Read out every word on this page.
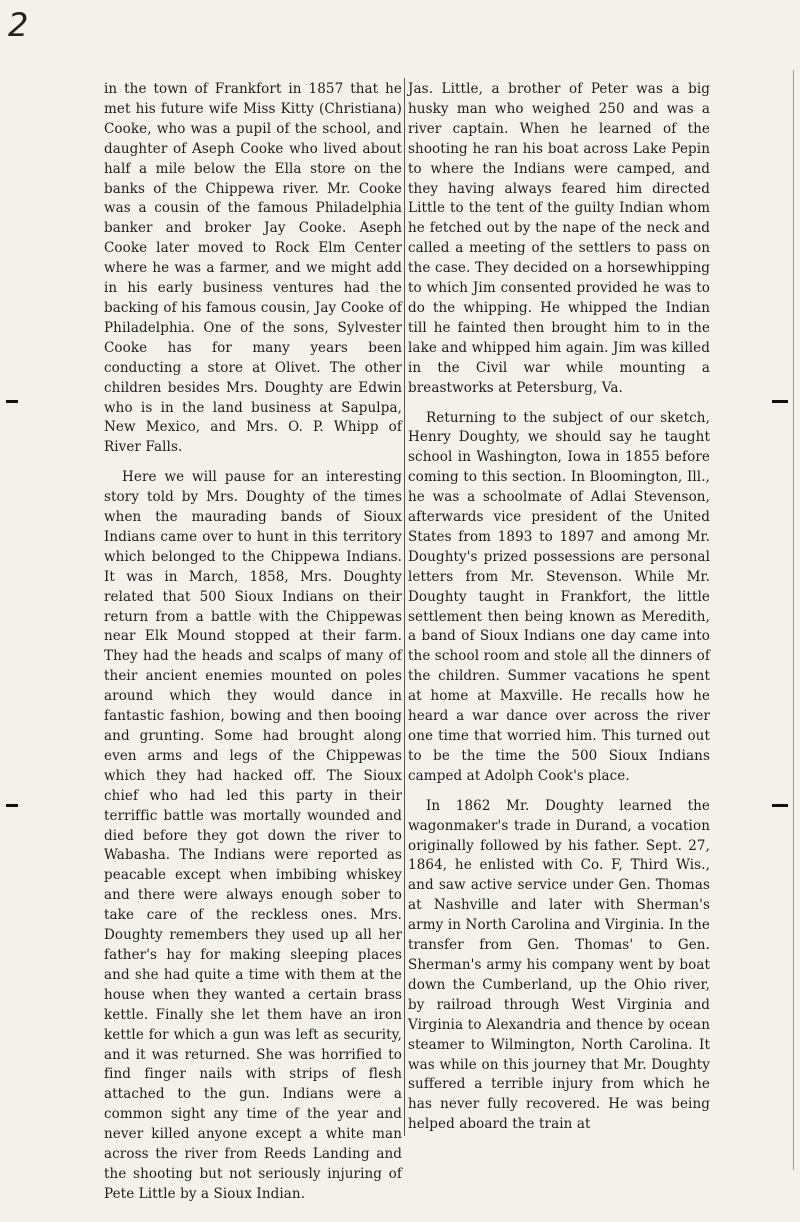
2

in the town of Frankfort in 1857 that he met his future wife Miss Kitty (Christiana) Cooke, who was a pupil of the school, and daughter of Aseph Cooke who lived about half a mile below the Ella store on the banks of the Chippewa river. Mr. Cooke was a cousin of the famous Philadelphia banker and broker Jay Cooke. Aseph Cooke later moved to Rock Elm Center where he was a farmer, and we might add in his early business ventures had the backing of his famous cousin, Jay Cooke of Philadelphia. One of the sons, Sylvester Cooke has for many years been conducting a store at Olivet. The other children besides Mrs. Doughty are Edwin who is in the land business at Sapulpa, New Mexico, and Mrs. O. P. Whipp of River Falls.

Here we will pause for an interesting story told by Mrs. Doughty of the times when the maurading bands of Sioux Indians came over to hunt in this territory which belonged to the Chippewa Indians. It was in March, 1858, Mrs. Doughty related that 500 Sioux Indians on their return from a battle with the Chippewas near Elk Mound stopped at their farm. They had the heads and scalps of many of their ancient enemies mounted on poles around which they would dance in fantastic fashion, bowing and then booing and grunting. Some had brought along even arms and legs of the Chippewas which they had hacked off. The Sioux chief who had led this party in their terriffic battle was mortally wounded and died before they got down the river to Wabasha. The Indians were reported as peacable except when imbibing whiskey and there were always enough sober to take care of the reckless ones. Mrs. Doughty remembers they used up all her father's hay for making sleeping places and she had quite a time with them at the house when they wanted a certain brass kettle. Finally she let them have an iron kettle for which a gun was left as security, and it was returned. She was horrified to find finger nails with strips of flesh attached to the gun. Indians were a common sight any time of the year and never killed anyone except a white man across the river from Reeds Landing and the shooting but not seriously injuring of Pete Little by a Sioux Indian.

Jas. Little, a brother of Peter was a big husky man who weighed 250 and was a river captain. When he learned of the shooting he ran his boat across Lake Pepin to where the Indians were camped, and they having always feared him directed Little to the tent of the guilty Indian whom he fetched out by the nape of the neck and called a meeting of the settlers to pass on the case. They decided on a horsewhipping to which Jim consented provided he was to do the whipping. He whipped the Indian till he fainted then brought him to in the lake and whipped him again. Jim was killed in the Civil war while mounting a breastworks at Petersburg, Va.

Returning to the subject of our sketch, Henry Doughty, we should say he taught school in Washington, Iowa in 1855 before coming to this section. In Bloomington, Ill., he was a schoolmate of Adlai Stevenson, afterwards vice president of the United States from 1893 to 1897 and among Mr. Doughty's prized possessions are personal letters from Mr. Stevenson. While Mr. Doughty taught in Frankfort, the little settlement then being known as Meredith, a band of Sioux Indians one day came into the school room and stole all the dinners of the children. Summer vacations he spent at home at Maxville. He recalls how he heard a war dance over across the river one time that worried him. This turned out to be the time the 500 Sioux Indians camped at Adolph Cook's place.

In 1862 Mr. Doughty learned the wagonmaker's trade in Durand, a vocation originally followed by his father. Sept. 27, 1864, he enlisted with Co. F, Third Wis., and saw active service under Gen. Thomas at Nashville and later with Sherman's army in North Carolina and Virginia. In the transfer from Gen. Thomas' to Gen. Sherman's army his company went by boat down the Cumberland, up the Ohio river, by railroad through West Virginia and Virginia to Alexandria and thence by ocean steamer to Wilmington, North Carolina. It was while on this journey that Mr. Doughty suffered a terrible injury from which he has never fully recovered. He was being helped aboard the train at
